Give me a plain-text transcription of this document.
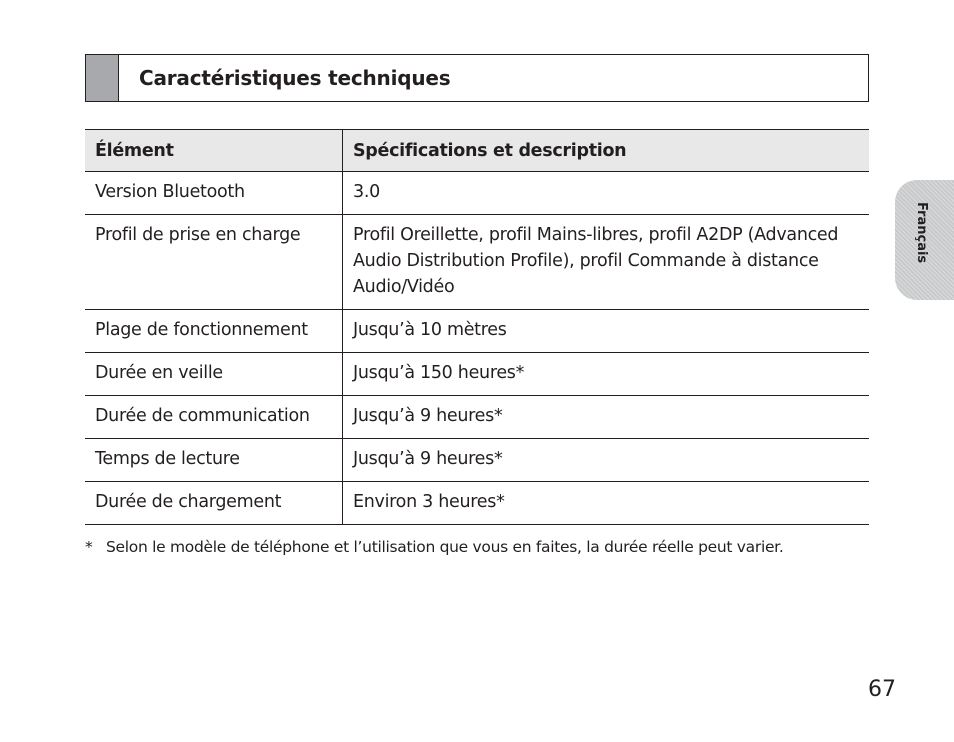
Caractéristiques techniques
Élément	Spécifications et description
Version Bluetooth	3.0
Profil de prise en charge	Profil Oreillette, profil Mains-libres, profil A2DP (Advanced Audio Distribution Profile), profil Commande à distance Audio/Vidéo
Plage de fonctionnement	Jusqu’à 10 mètres
Durée en veille	Jusqu’à 150 heures*
Durée de communication	Jusqu’à 9 heures*
Temps de lecture	Jusqu’à 9 heures*
Durée de chargement	Environ 3 heures*
* Selon le modèle de téléphone et l’utilisation que vous en faites, la durée réelle peut varier.
Français
67
